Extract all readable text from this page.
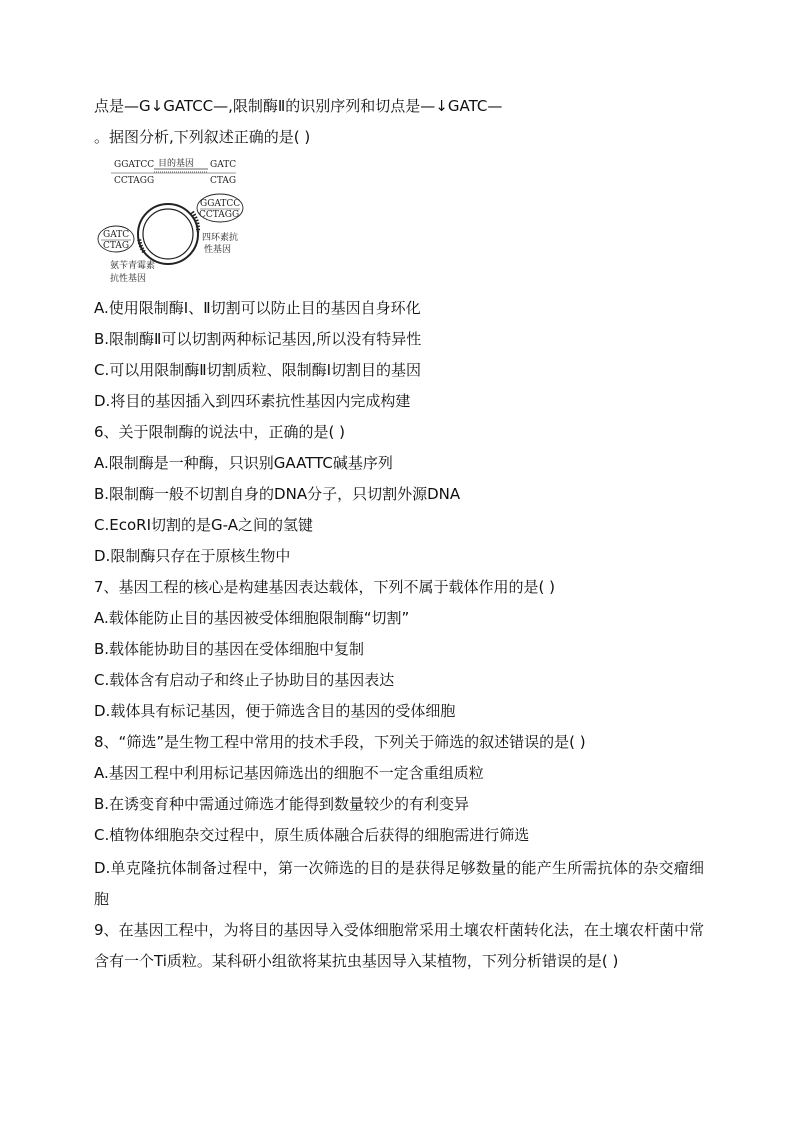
点是—G↓GATCC—,限制酶Ⅱ的识别序列和切点是—↓GATC—
。据图分析,下列叙述正确的是( )
GGATCC 目的基因 GATC
CCTAGG	CTAG
GGATCC
CCTAGG
GATC
CTAG
四环素抗
性基因
氨苄青霉素
抗性基因
A.使用限制酶Ⅰ、Ⅱ切割可以防止目的基因自身环化
B.限制酶Ⅱ可以切割两种标记基因,所以没有特异性
C.可以用限制酶Ⅱ切割质粒、限制酶Ⅰ切割目的基因
D.将目的基因插入到四环素抗性基因内完成构建
6、关于限制酶的说法中，正确的是( )
A.限制酶是一种酶，只识别GAATTC碱基序列
B.限制酶一般不切割自身的DNA分子，只切割外源DNA
C.EcoRⅠ切割的是G-A之间的氢键
D.限制酶只存在于原核生物中
7、基因工程的核心是构建基因表达载体，下列不属于载体作用的是( )
A.载体能防止目的基因被受体细胞限制酶“切割”
B.载体能协助目的基因在受体细胞中复制
C.载体含有启动子和终止子协助目的基因表达
D.载体具有标记基因，便于筛选含目的基因的受体细胞
8、“筛选”是生物工程中常用的技术手段，下列关于筛选的叙述错误的是( )
A.基因工程中利用标记基因筛选出的细胞不一定含重组质粒
B.在诱变育种中需通过筛选才能得到数量较少的有利变异
C.植物体细胞杂交过程中，原生质体融合后获得的细胞需进行筛选
D.单克隆抗体制备过程中，第一次筛选的目的是获得足够数量的能产生所需抗体的杂交瘤细胞
9、在基因工程中，为将目的基因导入受体细胞常采用土壤农杆菌转化法，在土壤农杆菌中常含有一个Ti质粒。某科研小组欲将某抗虫基因导入某植物，下列分析错误的是( )
